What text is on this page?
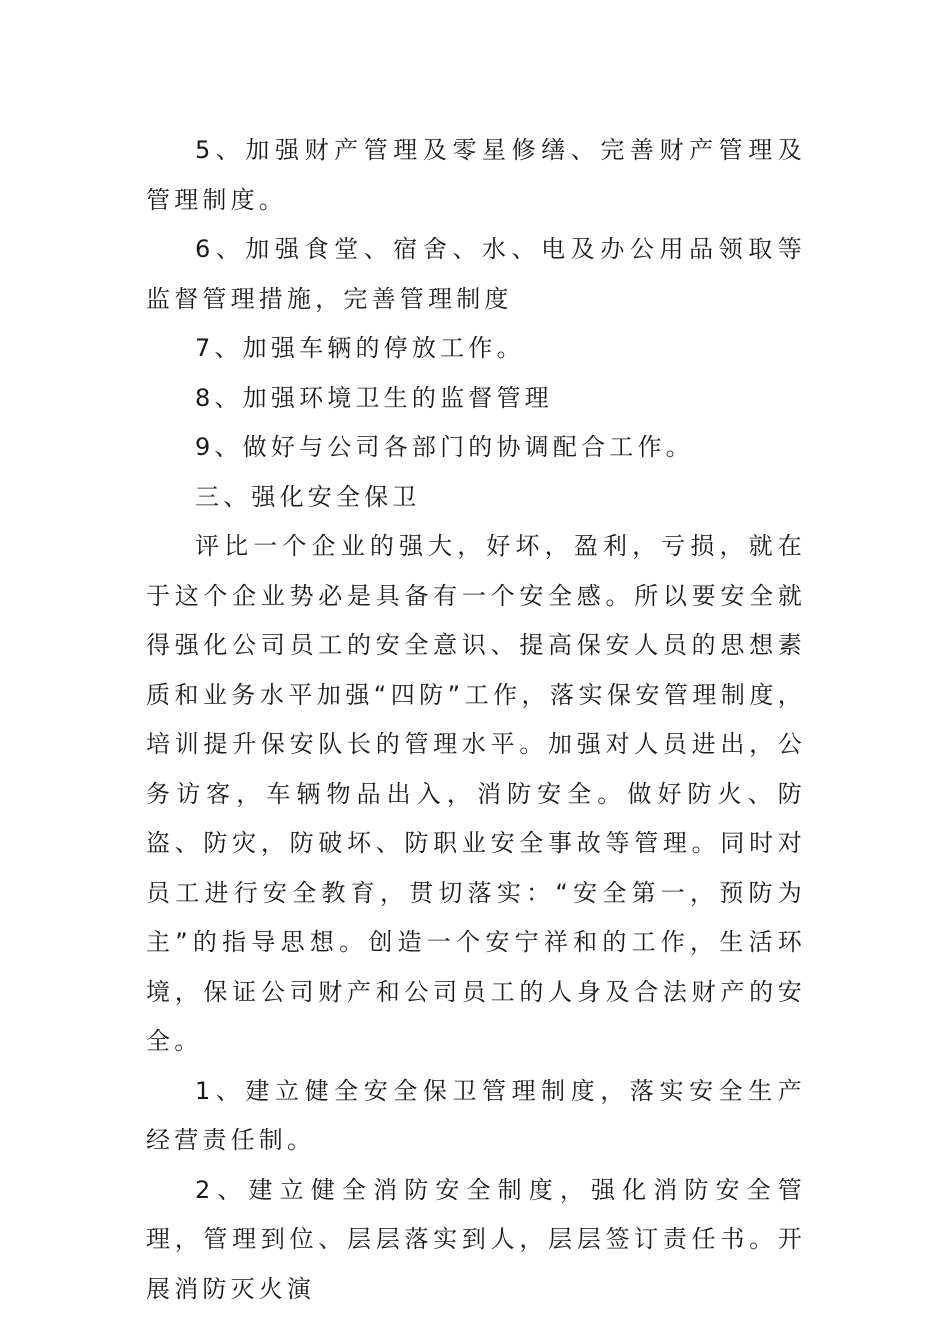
5、加强财产管理及零星修缮、完善财产管理及管理制度。

6、加强食堂、宿舍、水、电及办公用品领取等监督管理措施，完善管理制度

7、加强车辆的停放工作。

8、加强环境卫生的监督管理

9、做好与公司各部门的协调配合工作。

三、强化安全保卫

评比一个企业的强大，好坏，盈利，亏损，就在于这个企业势必是具备有一个安全感。所以要安全就得强化公司员工的安全意识、提高保安人员的思想素质和业务水平加强“四防”工作，落实保安管理制度，培训提升保安队长的管理水平。加强对人员进出，公务访客，车辆物品出入，消防安全。做好防火、防盗、防灾，防破坏、防职业安全事故等管理。同时对员工进行安全教育，贯切落实：“安全第一，预防为主”的指导思想。创造一个安宁祥和的工作，生活环境，保证公司财产和公司员工的人身及合法财产的安全。

1、建立健全安全保卫管理制度，落实安全生产经营责任制。

2、建立健全消防安全制度，强化消防安全管理，管理到位、层层落实到人，层层签订责任书。开展消防灭火演
